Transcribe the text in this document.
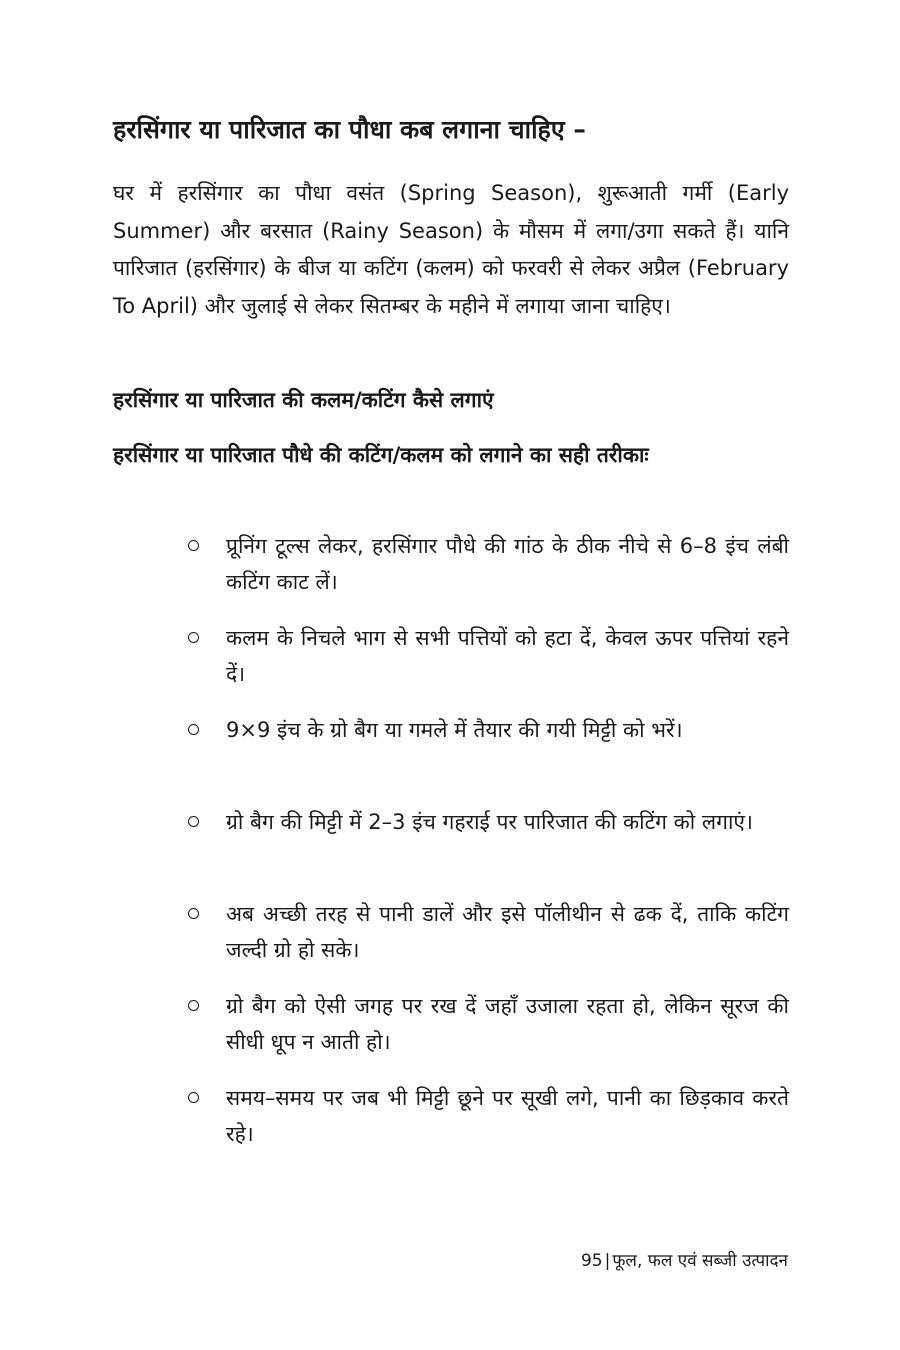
हरसिंगार या पारिजात का पौधा कब लगाना चाहिए –

घर में हरसिंगार का पौधा वसंत (Spring Season), शुरूआती गर्मी (Early Summer) और बरसात (Rainy Season) के मौसम में लगा/उगा सकते हैं। यानि पारिजात (हरसिंगार) के बीज या कटिंग (कलम) को फरवरी से लेकर अप्रैल (February To April) और जुलाई से लेकर सितम्बर के महीने में लगाया जाना चाहिए।

हरसिंगार या पारिजात की कलम/कटिंग कैसे लगाएं
हरसिंगार या पारिजात पौधे की कटिंग/कलम को लगाने का सही तरीकाः
प्रूनिंग टूल्स लेकर, हरसिंगार पौधे की गांठ के ठीक नीचे से 6–8 इंच लंबी कटिंग काट लें।
कलम के निचले भाग से सभी पत्तियों को हटा दें, केवल ऊपर पत्तियां रहने दें।
9×9 इंच के ग्रो बैग या गमले में तैयार की गयी मिट्टी को भरें।
ग्रो बैग की मिट्टी में 2–3 इंच गहराई पर पारिजात की कटिंग को लगाएं।
अब अच्छी तरह से पानी डालें और इसे पॉलीथीन से ढक दें, ताकि कटिंग जल्दी ग्रो हो सके।
ग्रो बैग को ऐसी जगह पर रख दें जहाँ उजाला रहता हो, लेकिन सूरज की सीधी धूप न आती हो।
समय–समय पर जब भी मिट्टी छूने पर सूखी लगे, पानी का छिड़काव करते रहे।
95 | फूल, फल एवं सब्जी उत्पादन
